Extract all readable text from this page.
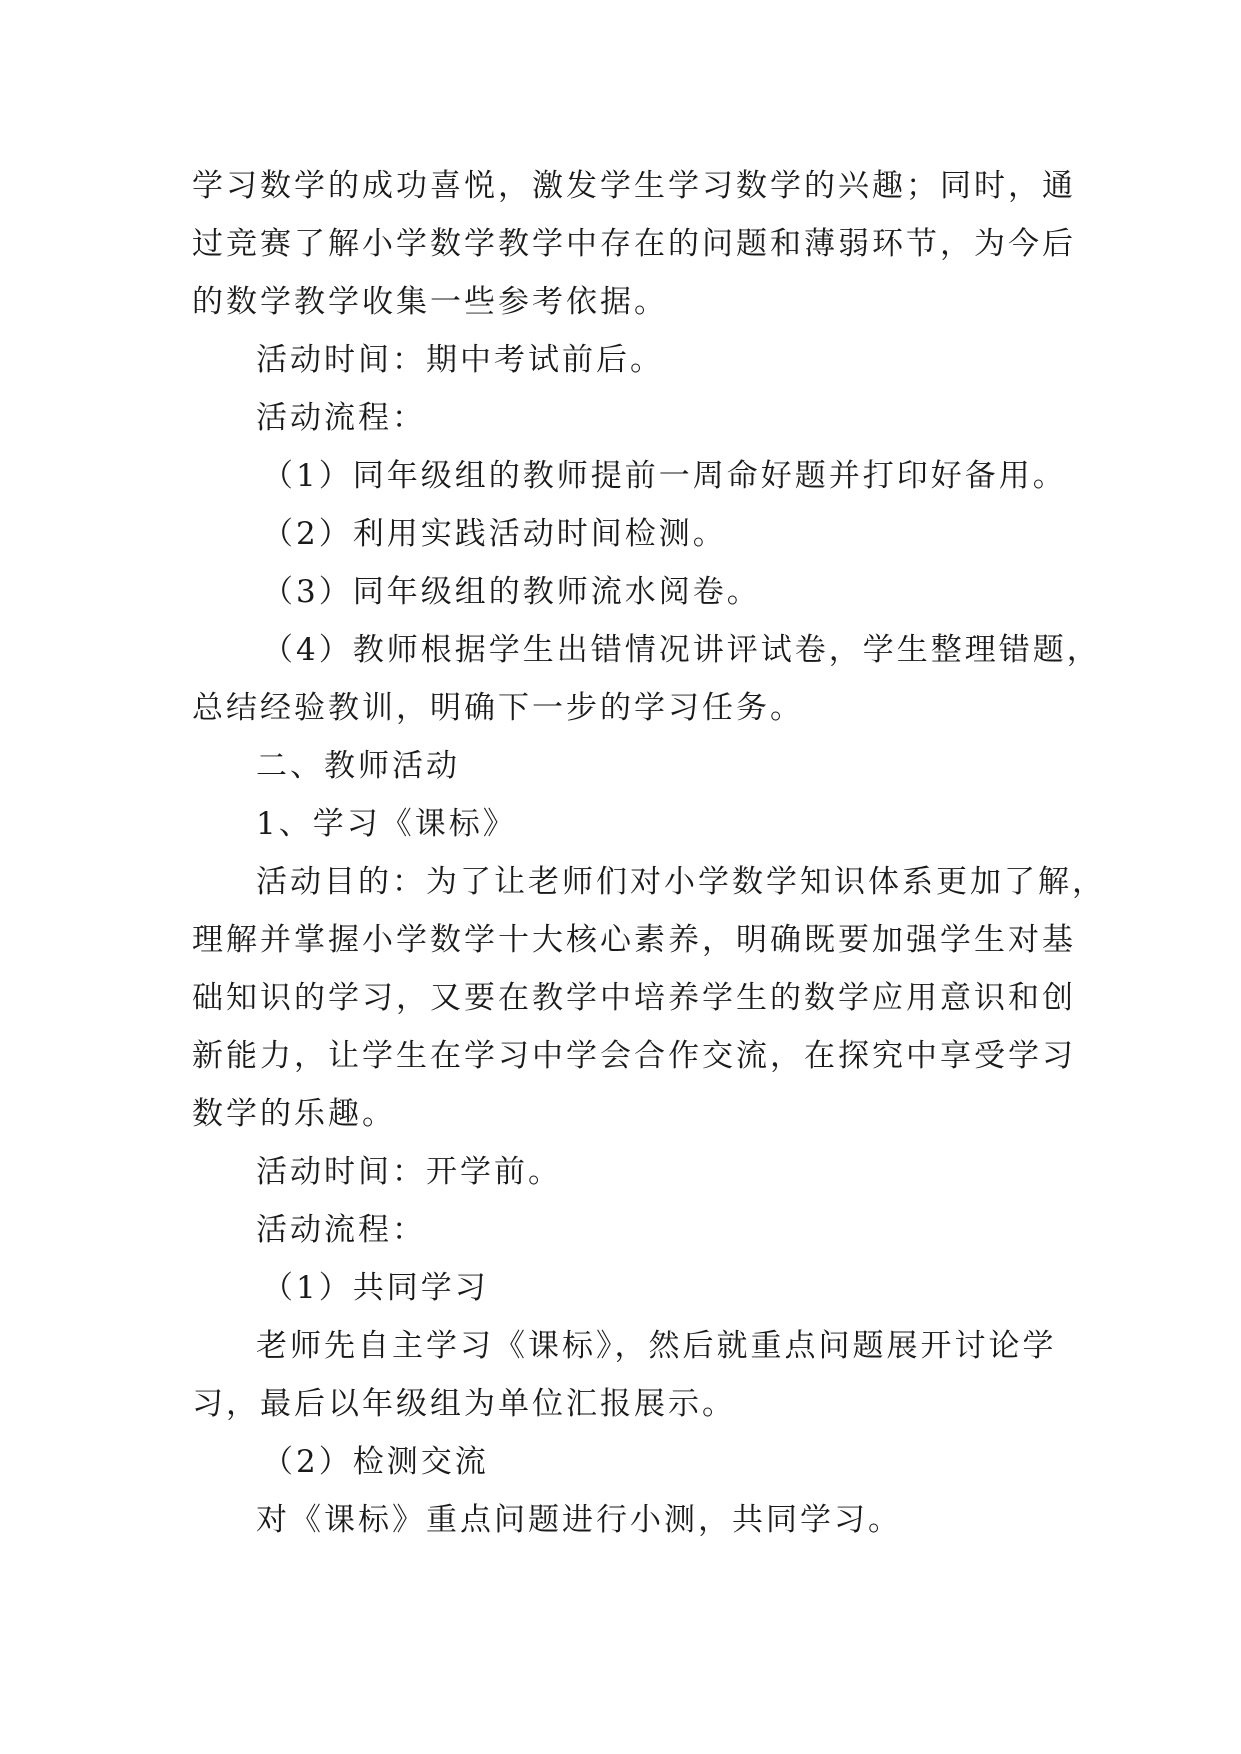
学习数学的成功喜悦，激发学生学习数学的兴趣；同时，通
过竞赛了解小学数学教学中存在的问题和薄弱环节，为今后
的数学教学收集一些参考依据。
活动时间：期中考试前后。
活动流程：
（1）同年级组的教师提前一周命好题并打印好备用。
（2）利用实践活动时间检测。
（3）同年级组的教师流水阅卷。
（4）教师根据学生出错情况讲评试卷，学生整理错题，
总结经验教训，明确下一步的学习任务。
二、教师活动
1、学习《课标》
活动目的：为了让老师们对小学数学知识体系更加了解，
理解并掌握小学数学十大核心素养，明确既要加强学生对基
础知识的学习，又要在教学中培养学生的数学应用意识和创
新能力，让学生在学习中学会合作交流，在探究中享受学习
数学的乐趣。
活动时间：开学前。
活动流程：
（1）共同学习
老师先自主学习《课标》，然后就重点问题展开讨论学
习，最后以年级组为单位汇报展示。
（2）检测交流
对《课标》重点问题进行小测，共同学习。
